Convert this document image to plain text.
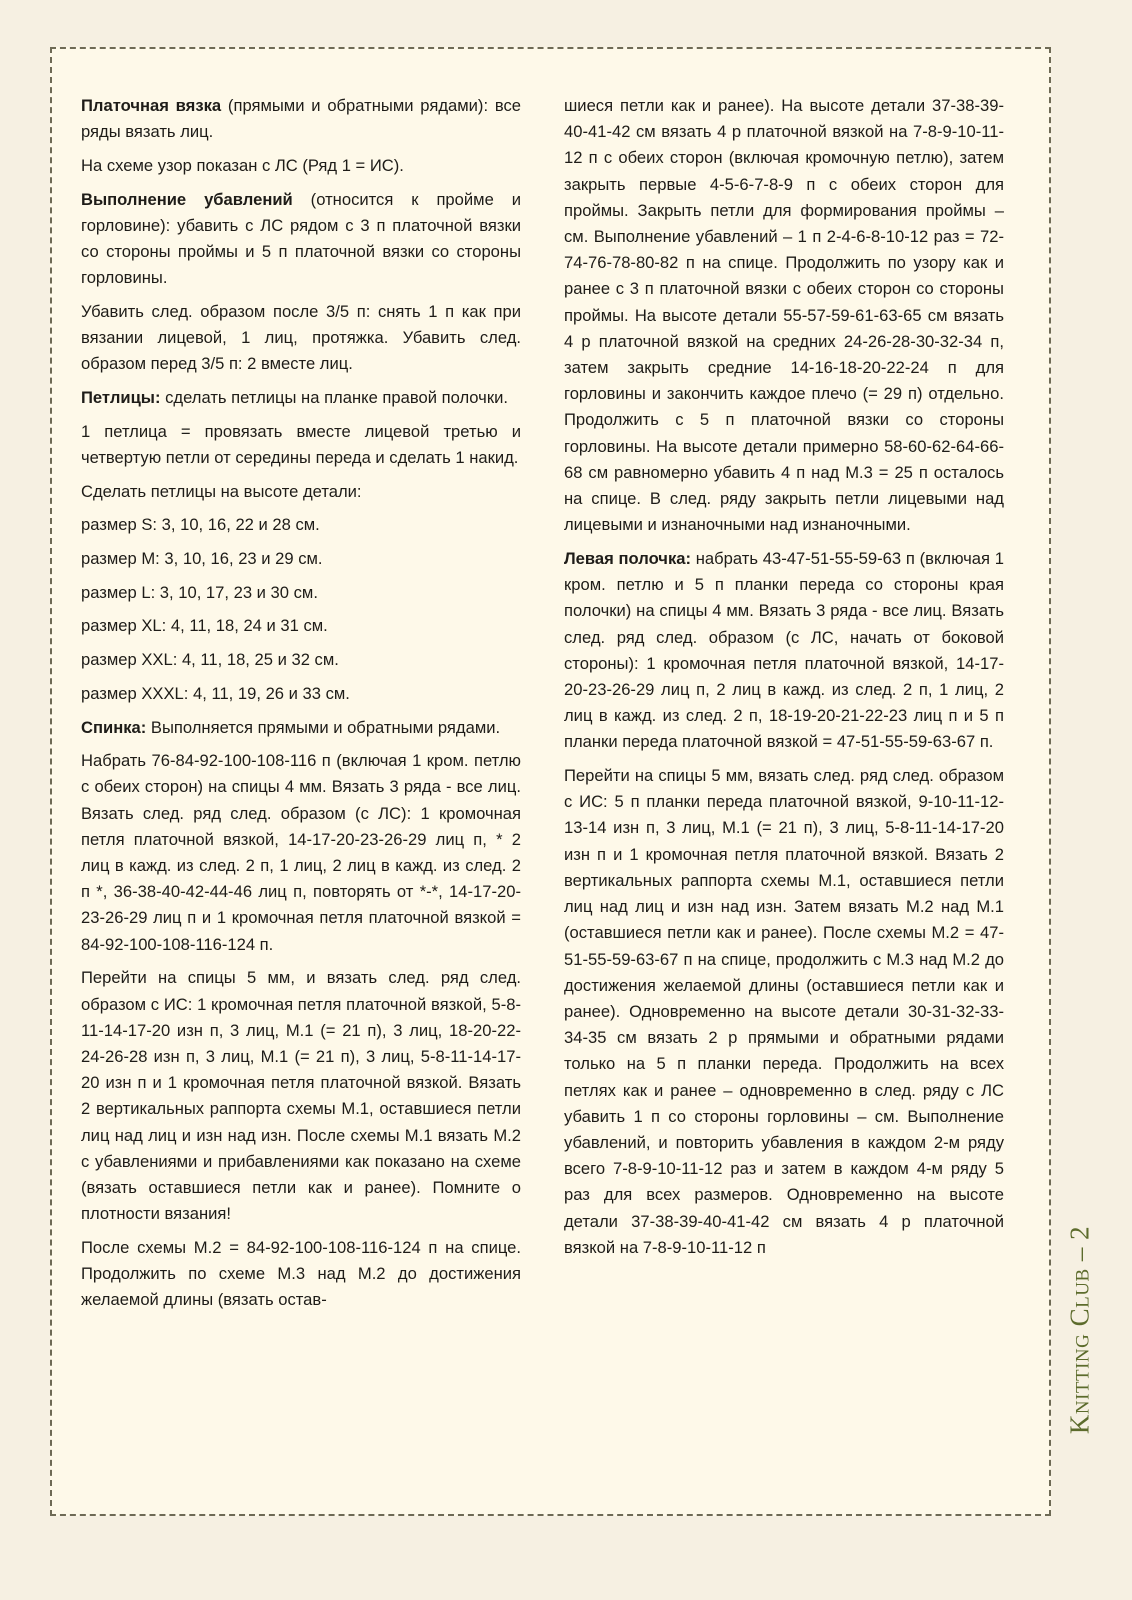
Платочная вязка (прямыми и обратными рядами): все ряды вязать лиц.

На схеме узор показан с ЛС (Ряд 1 = ИС).

Выполнение убавлений (относится к пройме и горловине): убавить с ЛС рядом с 3 п платочной вязки со стороны проймы и 5 п платочной вязки со стороны горловины.

Убавить след. образом после 3/5 п: снять 1 п как при вязании лицевой, 1 лиц, протяжка. Убавить след. образом перед 3/5 п: 2 вместе лиц.

Петлицы: сделать петлицы на планке правой полочки.

1 петлица = провязать вместе лицевой третью и четвертую петли от середины переда и сделать 1 накид.

Сделать петлицы на высоте детали:

размер S: 3, 10, 16, 22 и 28 см.

размер M: 3, 10, 16, 23 и 29 см.

размер L: 3, 10, 17, 23 и 30 см.

размер XL: 4, 11, 18, 24 и 31 см.

размер XXL: 4, 11, 18, 25 и 32 см.

размер XXXL: 4, 11, 19, 26 и 33 см.

Спинка: Выполняется прямыми и обратными рядами.

Набрать 76-84-92-100-108-116 п (включая 1 кром. петлю с обеих сторон) на спицы 4 мм. Вязать 3 ряда - все лиц. Вязать след. ряд след. образом (с ЛС): 1 кромочная петля платочной вязкой, 14-17-20-23-26-29 лиц п, * 2 лиц в кажд. из след. 2 п, 1 лиц, 2 лиц в кажд. из след. 2 п *, 36-38-40-42-44-46 лиц п, повторять от *-*, 14-17-20-23-26-29 лиц п и 1 кромочная петля платочной вязкой = 84-92-100-108-116-124 п.

Перейти на спицы 5 мм, и вязать след. ряд след. образом с ИС: 1 кромочная петля платочной вязкой, 5-8-11-14-17-20 изн п, 3 лиц, М.1 (= 21 п), 3 лиц, 18-20-22-24-26-28 изн п, 3 лиц, М.1 (= 21 п), 3 лиц, 5-8-11-14-17-20 изн п и 1 кромочная петля платочной вязкой. Вязать 2 вертикальных раппорта схемы М.1, оставшиеся петли лиц над лиц и изн над изн. После схемы М.1 вязать М.2 с убавлениями и прибавлениями как показано на схеме (вязать оставшиеся петли как и ранее). Помните о плотности вязания!

После схемы М.2 = 84-92-100-108-116-124 п на спице. Продолжить по схеме М.3 над М.2 до достижения желаемой длины (вязать остав-

шиеся петли как и ранее). На высоте детали 37-38-39-40-41-42 см вязать 4 р платочной вязкой на 7-8-9-10-11-12 п с обеих сторон (включая кромочную петлю), затем закрыть первые 4-5-6-7-8-9 п с обеих сторон для проймы. Закрыть петли для формирования проймы – см. Выполнение убавлений – 1 п 2-4-6-8-10-12 раз = 72-74-76-78-80-82 п на спице. Продолжить по узору как и ранее с 3 п платочной вязки с обеих сторон со стороны проймы. На высоте детали 55-57-59-61-63-65 см вязать 4 р платочной вязкой на средних 24-26-28-30-32-34 п, затем закрыть средние 14-16-18-20-22-24 п для горловины и закончить каждое плечо (= 29 п) отдельно. Продолжить с 5 п платочной вязки со стороны горловины. На высоте детали примерно 58-60-62-64-66-68 см равномерно убавить 4 п над М.3 = 25 п осталось на спице. В след. ряду закрыть петли лицевыми над лицевыми и изнаночными над изнаночными.

Левая полочка: набрать 43-47-51-55-59-63 п (включая 1 кром. петлю и 5 п планки переда со стороны края полочки) на спицы 4 мм. Вязать 3 ряда - все лиц. Вязать след. ряд след. образом (с ЛС, начать от боковой стороны): 1 кромочная петля платочной вязкой, 14-17-20-23-26-29 лиц п, 2 лиц в кажд. из след. 2 п, 1 лиц, 2 лиц в кажд. из след. 2 п, 18-19-20-21-22-23 лиц п и 5 п планки переда платочной вязкой = 47-51-55-59-63-67 п.

Перейти на спицы 5 мм, вязать след. ряд след. образом с ИС: 5 п планки переда платочной вязкой, 9-10-11-12-13-14 изн п, 3 лиц, М.1 (= 21 п), 3 лиц, 5-8-11-14-17-20 изн п и 1 кромочная петля платочной вязкой. Вязать 2 вертикальных раппорта схемы М.1, оставшиеся петли лиц над лиц и изн над изн. Затем вязать М.2 над М.1 (оставшиеся петли как и ранее). После схемы М.2 = 47-51-55-59-63-67 п на спице, продолжить с М.3 над М.2 до достижения желаемой длины (оставшиеся петли как и ранее). Одновременно на высоте детали 30-31-32-33-34-35 см вязать 2 р прямыми и обратными рядами только на 5 п планки переда. Продолжить на всех петлях как и ранее – одновременно в след. ряду с ЛС убавить 1 п со стороны горловины – см. Выполнение убавлений, и повторить убавления в каждом 2-м ряду всего 7-8-9-10-11-12 раз и затем в каждом 4-м ряду 5 раз для всех размеров. Одновременно на высоте детали 37-38-39-40-41-42 см вязать 4 р платочной вязкой на 7-8-9-10-11-12 п

Knitting Club – 2
